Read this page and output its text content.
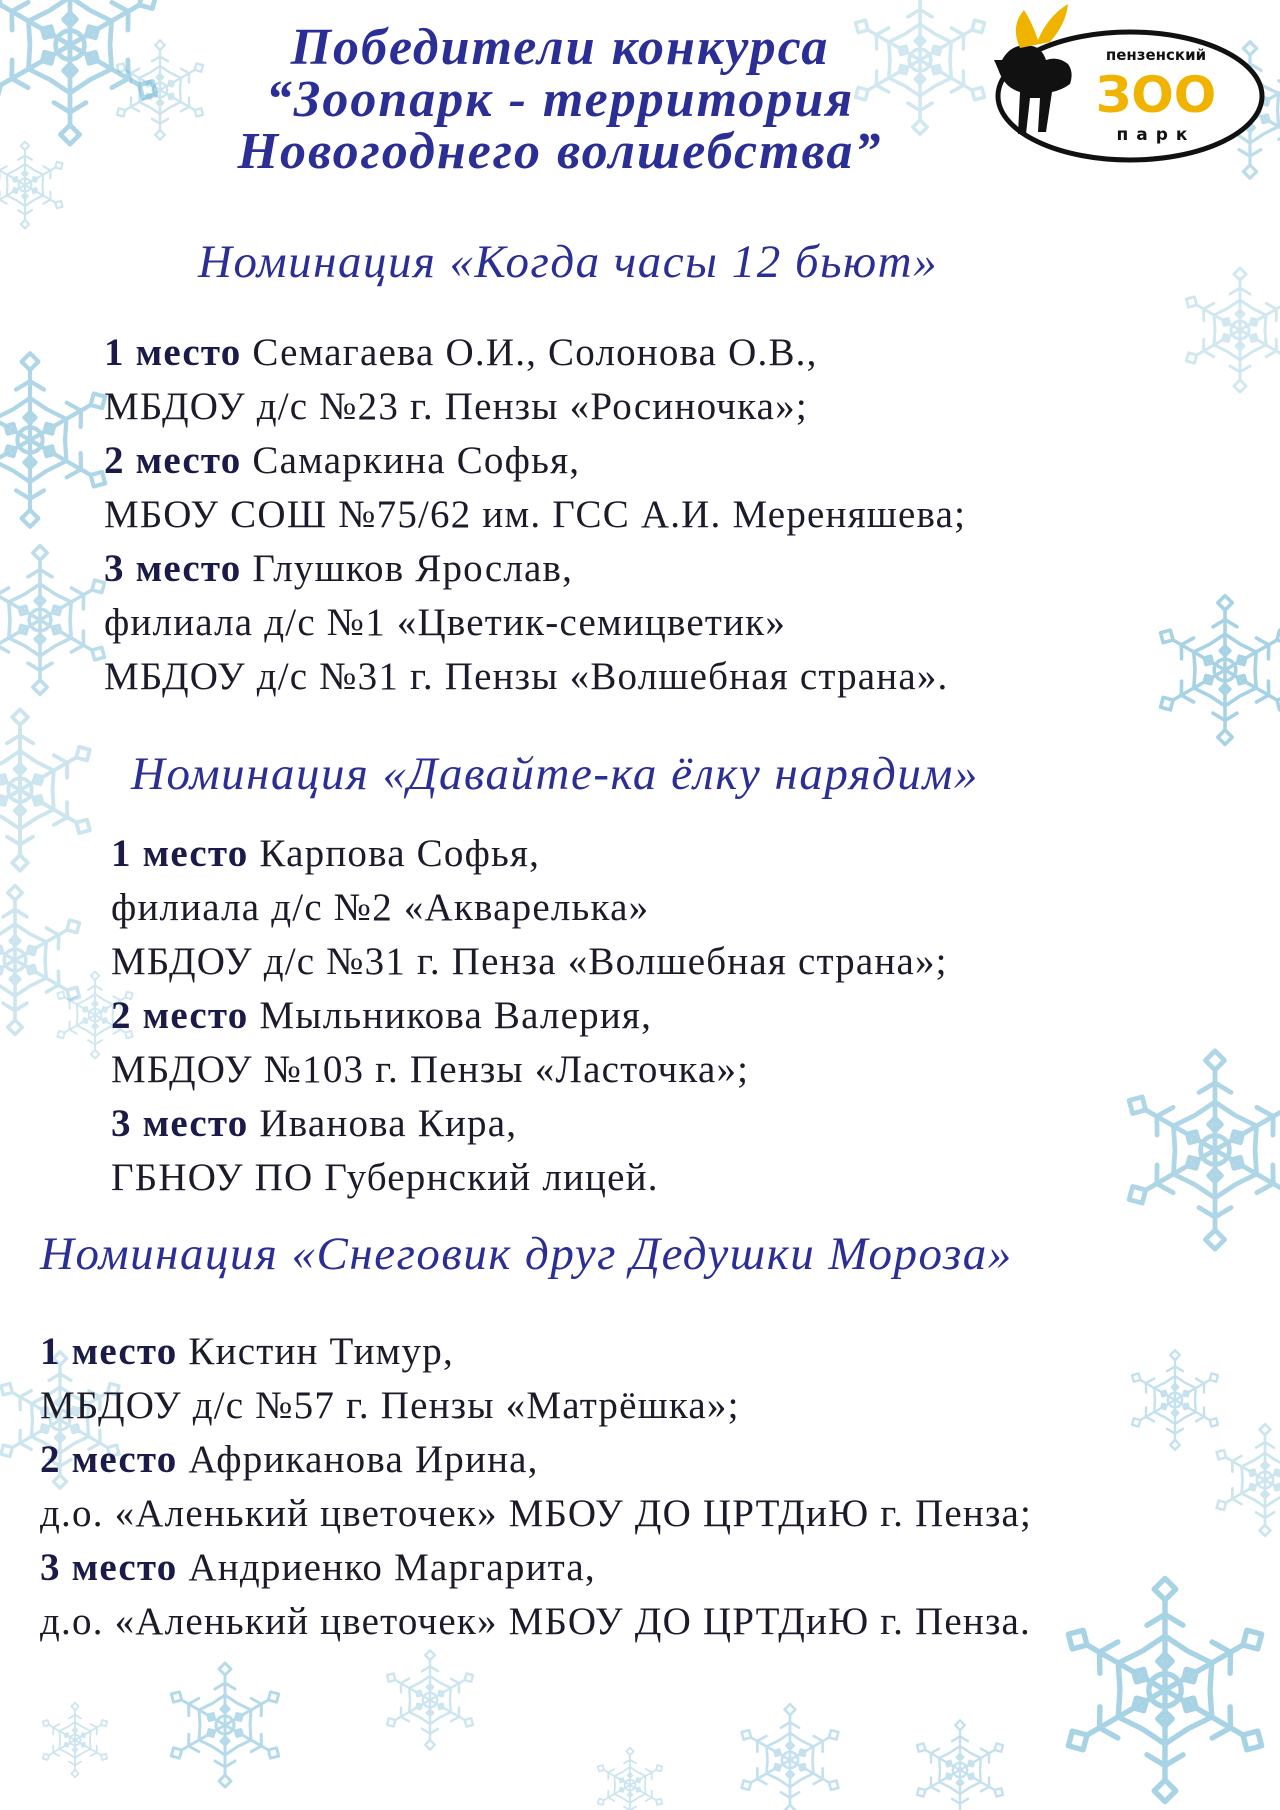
Победители конкурса
“Зоопарк - территория
Новогоднего волшебства”
пензенский
ЗОО
парк
Номинация «Когда часы 12 бьют»
1 место Семагаева О.И., Солонова О.В.,
МБДОУ д/с №23 г. Пензы «Росиночка»;
2 место Самаркина Софья,
МБОУ СОШ №75/62 им. ГСС А.И. Мереняшева;
3 место Глушков Ярослав,
филиала д/с №1 «Цветик-семицветик»
МБДОУ д/с №31 г. Пензы «Волшебная страна».
Номинация «Давайте-ка ёлку нарядим»
1 место Карпова Софья,
филиала д/с №2 «Акварелька»
МБДОУ д/с №31 г. Пенза «Волшебная страна»;
2 место Мыльникова Валерия,
МБДОУ №103 г. Пензы «Ласточка»;
3 место Иванова Кира,
ГБНОУ ПО Губернский лицей.
Номинация «Снеговик друг Дедушки Мороза»
1 место Кистин Тимур,
МБДОУ д/с №57 г. Пензы «Матрёшка»;
2 место Африканова Ирина,
д.о. «Аленький цветочек» МБОУ ДО ЦРТДиЮ г. Пенза;
3 место Андриенко Маргарита,
д.о. «Аленький цветочек» МБОУ ДО ЦРТДиЮ г. Пенза.
